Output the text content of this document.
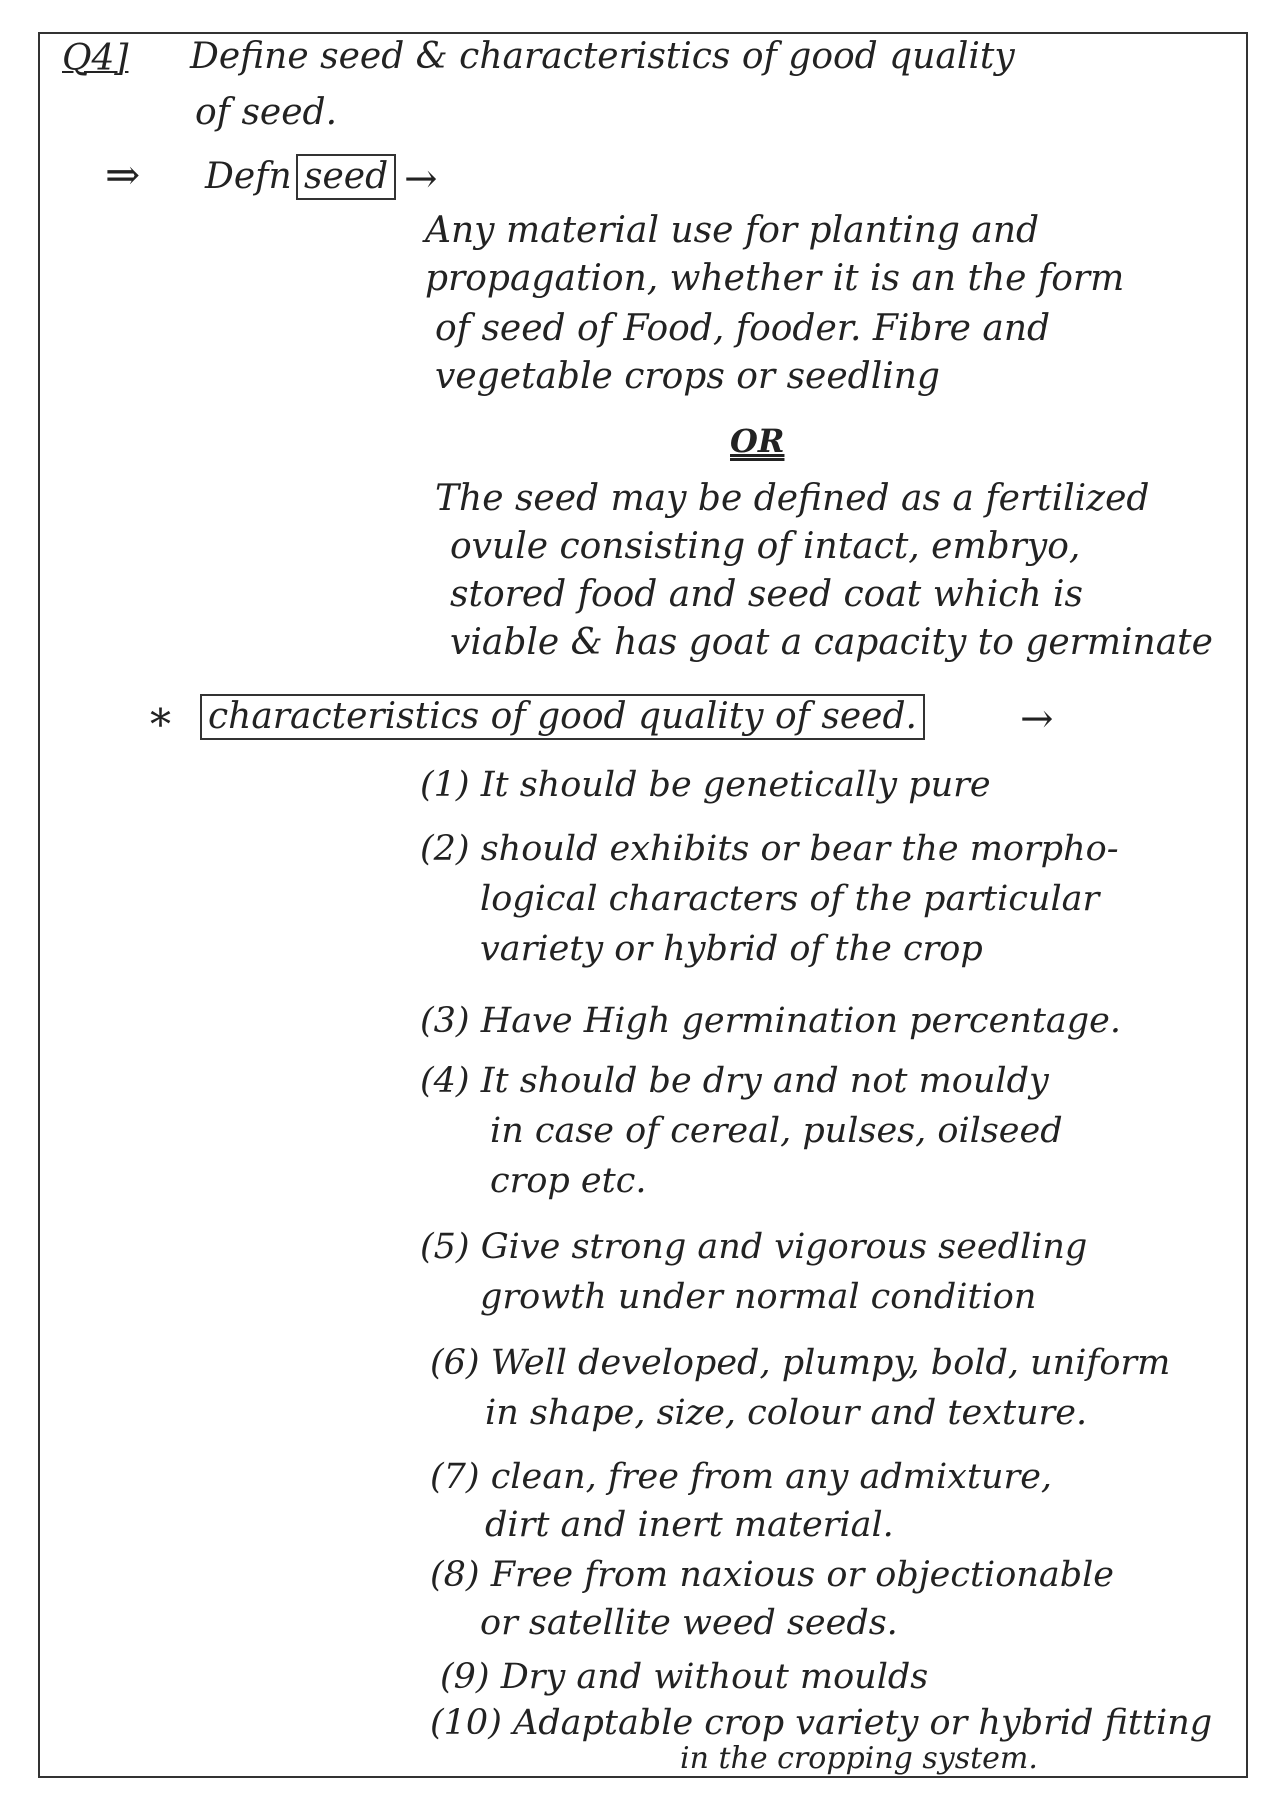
Q4] Define seed & characteristics of good quality
of seed.
⇒ Defn seed →
Any material use for planting and
propagation, whether it is an the form
of seed of Food, fooder. Fibre and
vegetable crops or seedling
OR
The seed may be defined as a fertilized
ovule consisting of intact, embryo,
stored food and seed coat which is
viable & has goat a capacity to germinate
* characteristics of good quality of seed.	→
(1) It should be genetically pure
(2) should exhibits or bear the morpho-
logical characters of the particular
variety or hybrid of the crop
(3) Have High germination percentage.
(4) It should be dry and not mouldy
in case of cereal, pulses, oilseed
crop etc.
(5) Give strong and vigorous seedling
growth under normal condition
(6) Well developed, plumpy, bold, uniform
in shape, size, colour and texture.
(7) clean, free from any admixture,
dirt and inert material.
(8) Free from naxious or objectionable
or satellite weed seeds.
(9) Dry and without moulds
(10) Adaptable crop variety or hybrid fitting
in the cropping system.
